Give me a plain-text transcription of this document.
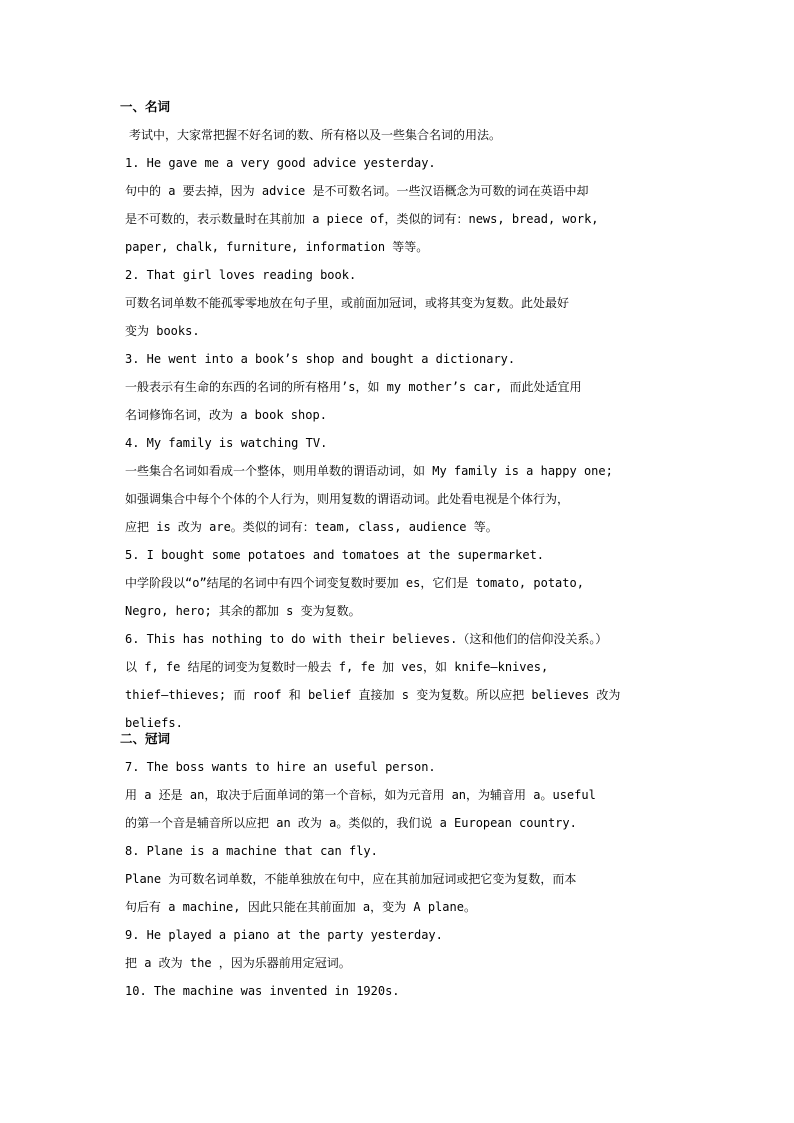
一、名词
考试中，大家常把握不好名词的数、所有格以及一些集合名词的用法。
1. He gave me a very good advice yesterday.
句中的 a 要去掉，因为 advice 是不可数名词。一些汉语概念为可数的词在英语中却
是不可数的，表示数量时在其前加 a piece of，类似的词有：news, bread, work,
paper, chalk, furniture, information 等等。
2. That girl loves reading book.
可数名词单数不能孤零零地放在句子里，或前面加冠词，或将其变为复数。此处最好
变为 books.
3. He went into a book’s shop and bought a dictionary.
一般表示有生命的东西的名词的所有格用’s，如 my mother’s car, 而此处适宜用
名词修饰名词，改为 a book shop.
4. My family is watching TV.
一些集合名词如看成一个整体，则用单数的谓语动词，如 My family is a happy one;
如强调集合中每个个体的个人行为，则用复数的谓语动词。此处看电视是个体行为，
应把 is 改为 are。类似的词有：team, class, audience 等。
5. I bought some potatoes and tomatoes at the supermarket.
中学阶段以“o”结尾的名词中有四个词变复数时要加 es，它们是 tomato, potato,
Negro, hero; 其余的都加 s 变为复数。
6. This has nothing to do with their believes.（这和他们的信仰没关系。）
以 f, fe 结尾的词变为复数时一般去 f, fe 加 ves，如 knife—knives,
thief—thieves; 而 roof 和 belief 直接加 s 变为复数。所以应把 believes 改为
beliefs.
二、冠词
7. The boss wants to hire an useful person.
用 a 还是 an，取决于后面单词的第一个音标，如为元音用 an，为辅音用 a。useful
的第一个音是辅音所以应把 an 改为 a。类似的，我们说 a European country.
8. Plane is a machine that can fly.
Plane 为可数名词单数，不能单独放在句中，应在其前加冠词或把它变为复数，而本
句后有 a machine, 因此只能在其前面加 a，变为 A plane。
9. He played a piano at the party yesterday.
把 a 改为 the ，因为乐器前用定冠词。
10. The machine was invented in 1920s.
